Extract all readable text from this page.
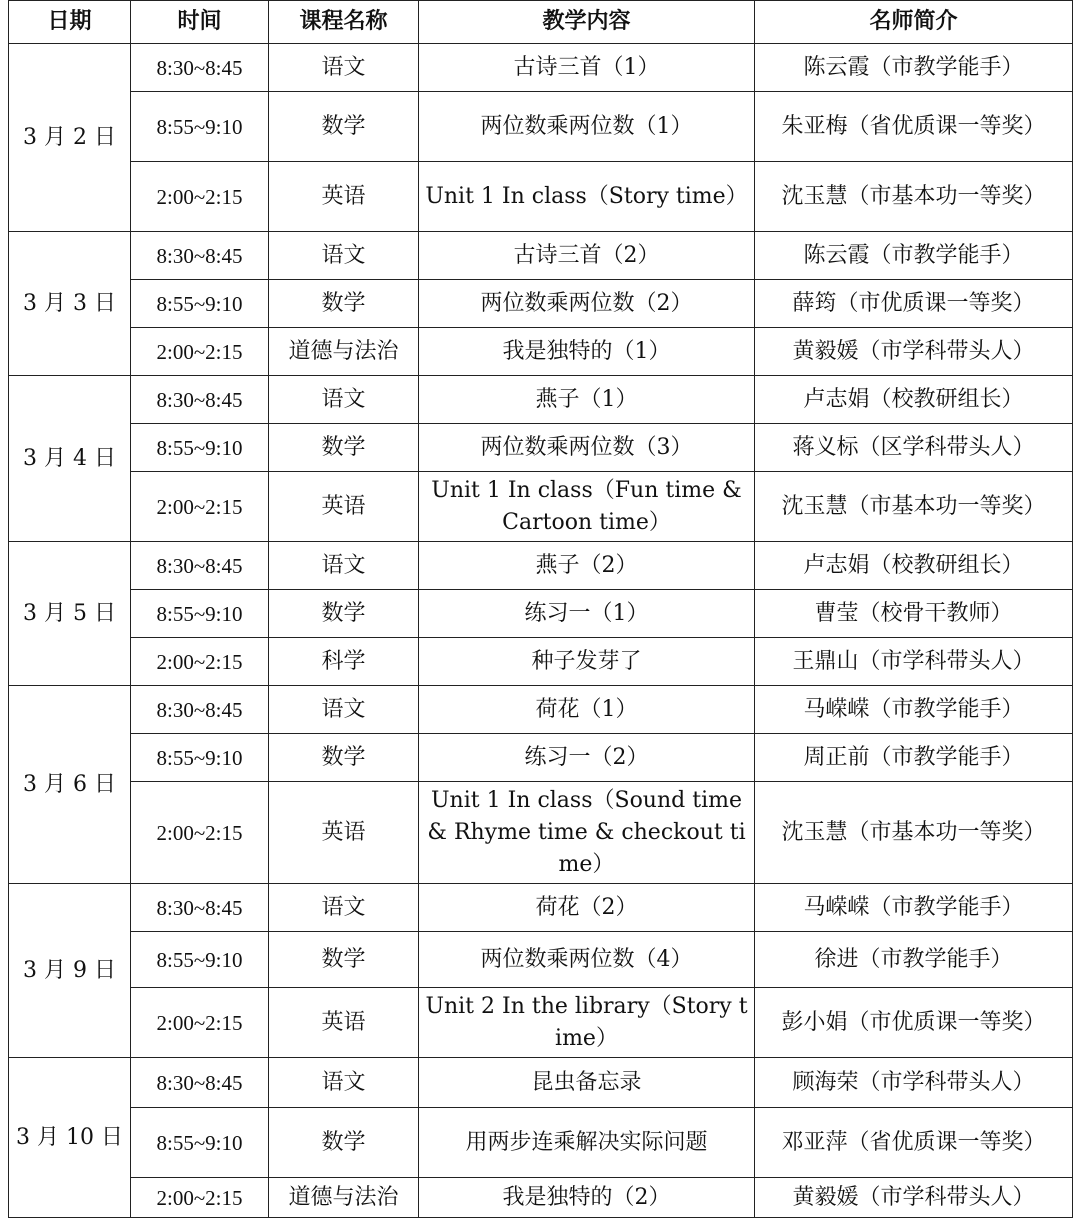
日期	时间	课程名称	教学内容	名师简介
3 月 2 日	8:30~8:45	语文	古诗三首（1）	陈云霞（市教学能手）
	8:55~9:10	数学	两位数乘两位数（1）	朱亚梅（省优质课一等奖）
	2:00~2:15	英语	Unit 1 In class（Story time）	沈玉慧（市基本功一等奖）
3 月 3 日	8:30~8:45	语文	古诗三首（2）	陈云霞（市教学能手）
	8:55~9:10	数学	两位数乘两位数（2）	薛筠（市优质课一等奖）
	2:00~2:15	道德与法治	我是独特的（1）	黄毅媛（市学科带头人）
3 月 4 日	8:30~8:45	语文	燕子（1）	卢志娟（校教研组长）
	8:55~9:10	数学	两位数乘两位数（3）	蒋义标（区学科带头人）
	2:00~2:15	英语	Unit 1 In class（Fun time & Cartoon time）	沈玉慧（市基本功一等奖）
3 月 5 日	8:30~8:45	语文	燕子（2）	卢志娟（校教研组长）
	8:55~9:10	数学	练习一（1）	曹莹（校骨干教师）
	2:00~2:15	科学	种子发芽了	王鼎山（市学科带头人）
3 月 6 日	8:30~8:45	语文	荷花（1）	马嵘嵘（市教学能手）
	8:55~9:10	数学	练习一（2）	周正前（市教学能手）
	2:00~2:15	英语	Unit 1 In class（Sound time & Rhyme time & checkout time）	沈玉慧（市基本功一等奖）
3 月 9 日	8:30~8:45	语文	荷花（2）	马嵘嵘（市教学能手）
	8:55~9:10	数学	两位数乘两位数（4）	徐进（市教学能手）
	2:00~2:15	英语	Unit 2 In the library（Story time）	彭小娟（市优质课一等奖）
3 月 10 日	8:30~8:45	语文	昆虫备忘录	顾海荣（市学科带头人）
	8:55~9:10	数学	用两步连乘解决实际问题	邓亚萍（省优质课一等奖）
	2:00~2:15	道德与法治	我是独特的（2）	黄毅媛（市学科带头人）
